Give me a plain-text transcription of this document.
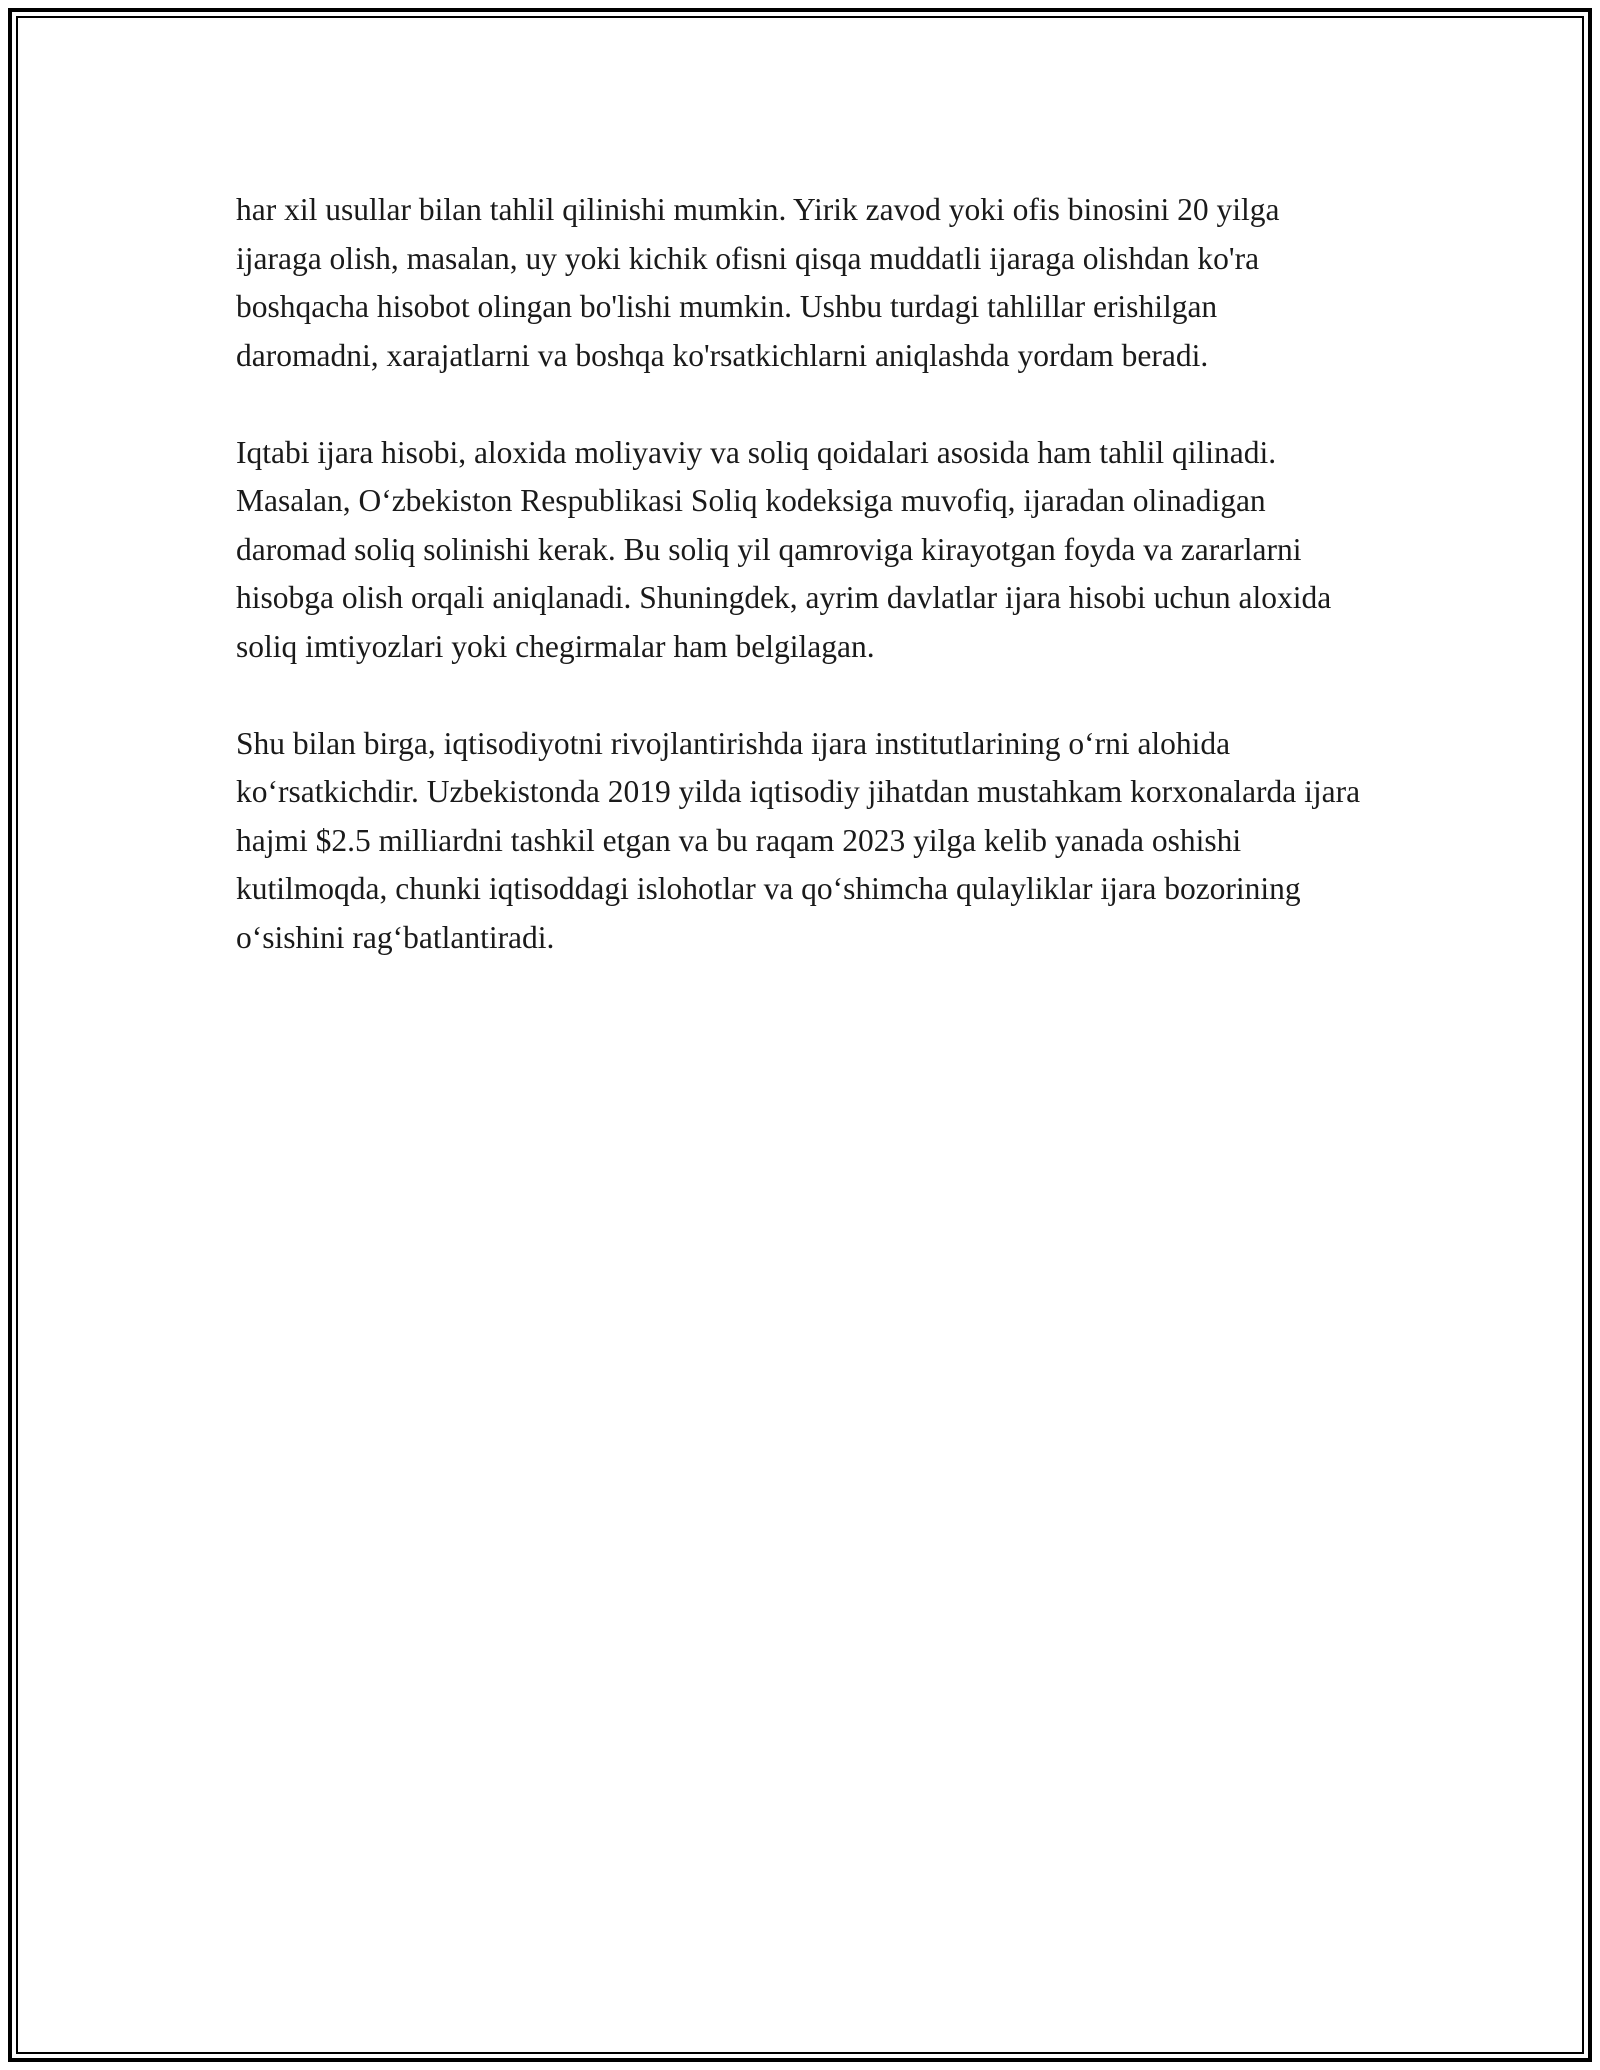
har xil usullar bilan tahlil qilinishi mumkin. Yirik zavod yoki ofis binosini 20 yilga ijaraga olish, masalan, uy yoki kichik ofisni qisqa muddatli ijaraga olishdan ko'ra boshqacha hisobot olingan bo'lishi mumkin. Ushbu turdagi tahlillar erishilgan daromadni, xarajatlarni va boshqa ko'rsatkichlarni aniqlashda yordam beradi.

Iqtabi ijara hisobi, aloxida moliyaviy va soliq qoidalari asosida ham tahlil qilinadi. Masalan, O‘zbekiston Respublikasi Soliq kodeksiga muvofiq, ijaradan olinadigan daromad soliq solinishi kerak. Bu soliq yil qamroviga kirayotgan foyda va zararlarni hisobga olish orqali aniqlanadi. Shuningdek, ayrim davlatlar ijara hisobi uchun aloxida soliq imtiyozlari yoki chegirmalar ham belgilagan.

Shu bilan birga, iqtisodiyotni rivojlantirishda ijara institutlarining o‘rni alohida ko‘rsatkichdir. Uzbekistonda 2019 yilda iqtisodiy jihatdan mustahkam korxonalarda ijara hajmi $2.5 milliardni tashkil etgan va bu raqam 2023 yilga kelib yanada oshishi kutilmoqda, chunki iqtisoddagi islohotlar va qo‘shimcha qulayliklar ijara bozorining o‘sishini rag‘batlantiradi.
